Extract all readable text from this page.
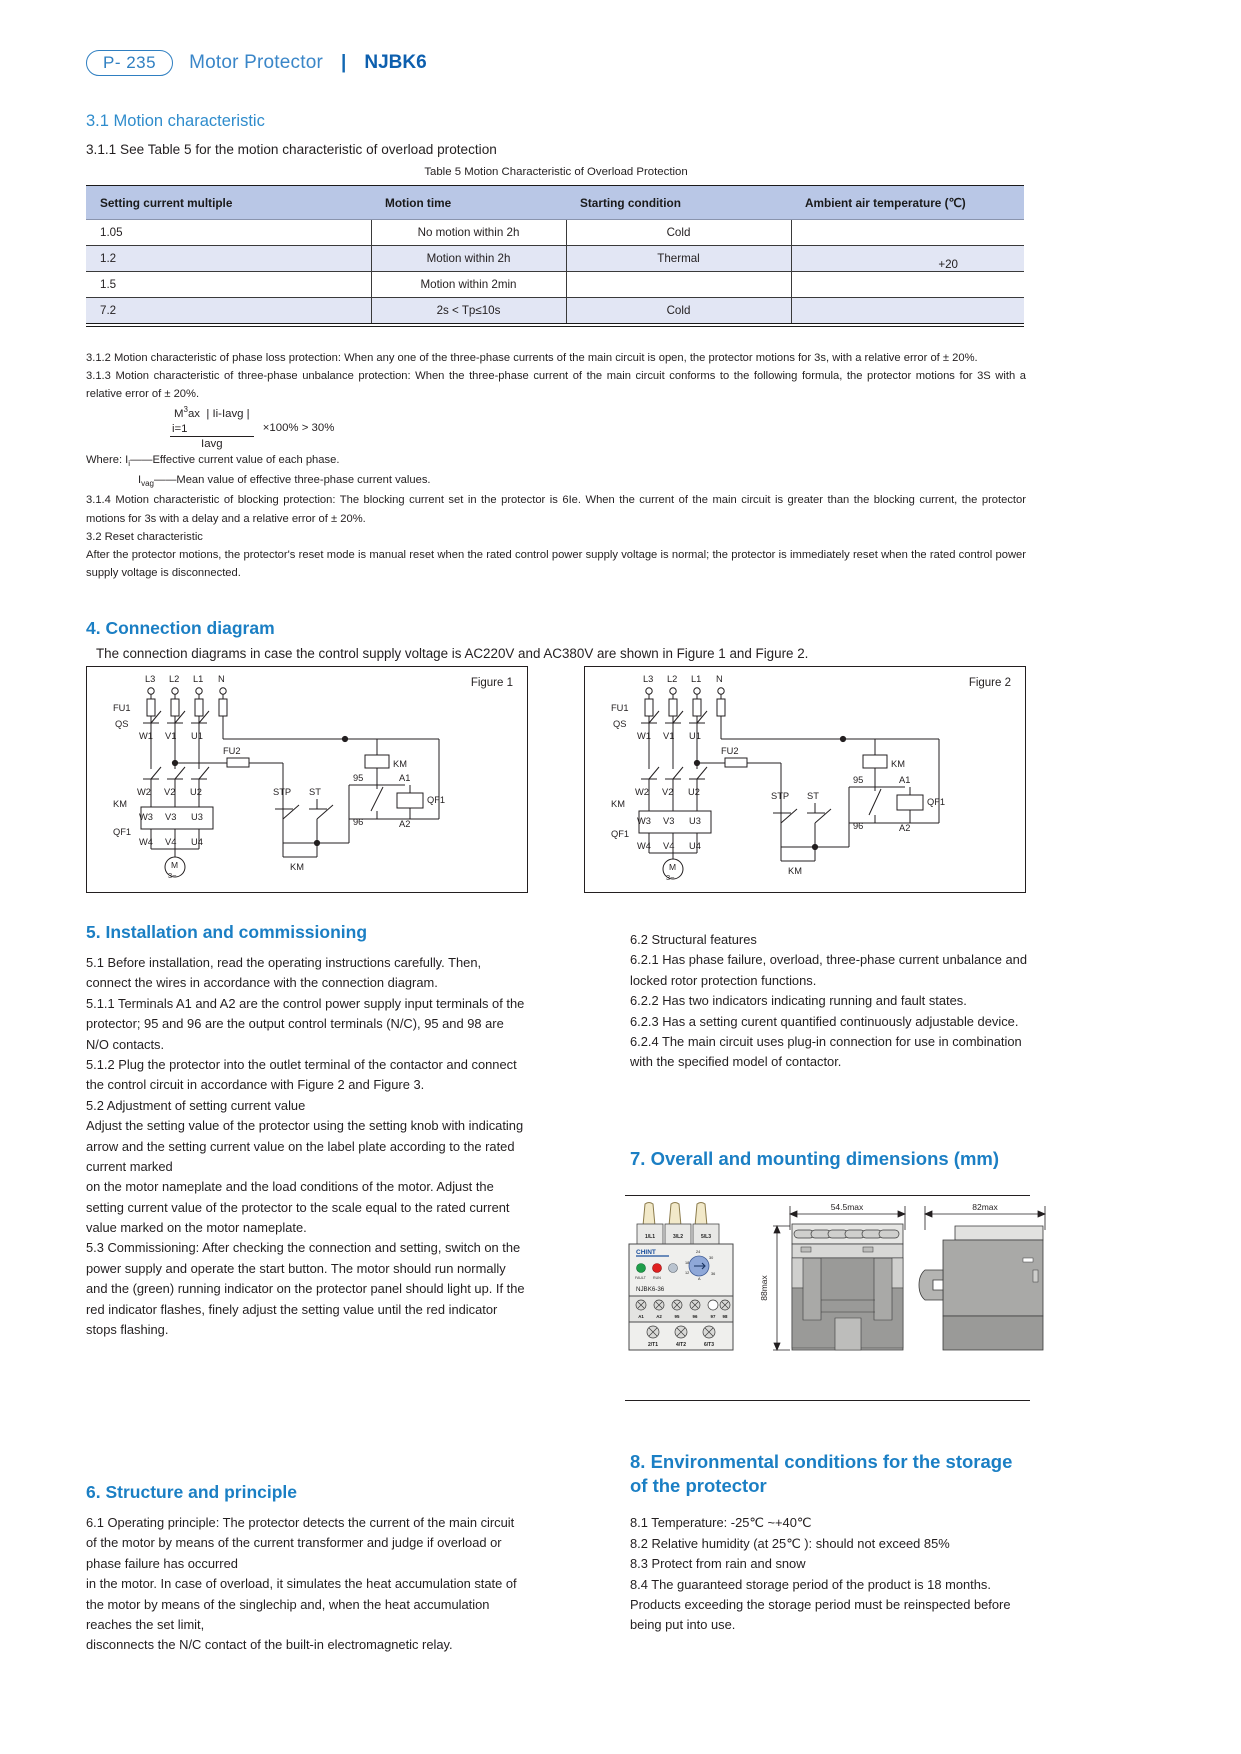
P- 235	Motor Protector | NJBK6
3.1 Motion characteristic
3.1.1 See Table 5 for the motion characteristic of overload protection
Table 5 Motion Characteristic of Overload Protection
Setting current multiple	Motion time	Starting condition	Ambient air temperature (℃)
1.05	No motion within 2h	Cold	
1.2	Motion within 2h	Thermal	+20
1.5	Motion within 2min		
7.2	2s < Tp≤10s	Cold	
3.1.2 Motion characteristic of phase loss protection: When any one of the three-phase currents of the main circuit is open, the protector motions for 3s, with a relative error of ± 20%.
3.1.3 Motion characteristic of three-phase unbalance protection: When the three-phase current of the main circuit conforms to the following formula, the protector motions for 3S with a relative error of ± 20%.
$M^3ax$ | Ii-Iavg |
i=1
Iavg
×100% > 30%
Where: $I_i——Effective$ current value of each phase.
$I_{vag}——Mean$ value of effective three-phase current values.
3.1.4 Motion characteristic of blocking protection: The blocking current set in the protector is 6Ie. When the current of the main circuit is greater than the blocking current, the protector motions for 3s with a delay and a relative error of ± 20%.
3.2 Reset characteristic
After the protector motions, the protector's reset mode is manual reset when the rated control power supply voltage is normal; the protector is immediately reset when the rated control power supply voltage is disconnected.
4. Connection diagram
The connection diagrams in case the control supply voltage is AC220V and AC380V are shown in Figure 1 and Figure 2.
Figure 1
L3 L2 L1 N
FU1
QS
W1 V1 U1
FU2
W2 V2 U2
KM
W3 V3 U3
QF1
W4 V4 U4
M
3~
KM
95
96
A1
A2
QF1
STP ST
KM
Figure 2
L3 L2 L1 N
FU1
QS
W1 V1 U1
FU2
W2 V2 U2
KM
W3 V3 U3
QF1
W4 V4 U4
M
3~
KM
95
96
A1
A2
QF1
STP ST
KM
5. Installation and commissioning

5.1 Before installation, read the operating instructions carefully. Then, connect the wires in accordance with the connection diagram.

5.1.1 Terminals A1 and A2 are the control power supply input terminals of the protector; 95 and 96 are the output control terminals (N/C), 95 and 98 are N/O contacts.

5.1.2 Plug the protector into the outlet terminal of the contactor and connect the control circuit in accordance with Figure 2 and Figure 3.

5.2 Adjustment of setting current value

Adjust the setting value of the protector using the setting knob with indicating arrow and the setting current value on the label plate according to the rated current marked

on the motor nameplate and the load conditions of the motor. Adjust the setting current value of the protector to the scale equal to the rated current value marked on the motor nameplate.

5.3 Commissioning: After checking the connection and setting, switch on the power supply and operate the start button. The motor should run normally and the (green) running indicator on the protector panel should light up. If the red indicator flashes, finely adjust the setting value until the red indicator stops flashing.

6. Structure and principle

6.1 Operating principle: The protector detects the current of the main circuit of the motor by means of the current transformer and judge if overload or phase failure has occurred

in the motor. In case of overload, it simulates the heat accumulation state of the motor by means of the singlechip and, when the heat accumulation reaches the set limit,

disconnects the N/C contact of the built-in electromagnetic relay.

6.2 Structural features

6.2.1 Has phase failure, overload, three-phase current unbalance and locked rotor protection functions.

6.2.2 Has two indicators indicating running and fault states.

6.2.3 Has a setting curent quantified continuously adjustable device.

6.2.4 The main circuit uses plug-in connection for use in combination with the specified model of contactor.

7. Overall and mounting dimensions (mm)
1/L1	3/L2	5/L3
CHINT
FAULT RUN
18
24
30
12	36
A
NJBK6-36
A1	A2	95	96	97 98
2/T1	4/T2	6/T3
54.5max
88max
82max
8. Environmental conditions for the storage of the protector

8.1 Temperature: -25℃ ~+40℃

8.2 Relative humidity (at 25℃ ): should not exceed 85%

8.3 Protect from rain and snow

8.4 The guaranteed storage period of the product is 18 months. Products exceeding the storage period must be reinspected before being put into use.
